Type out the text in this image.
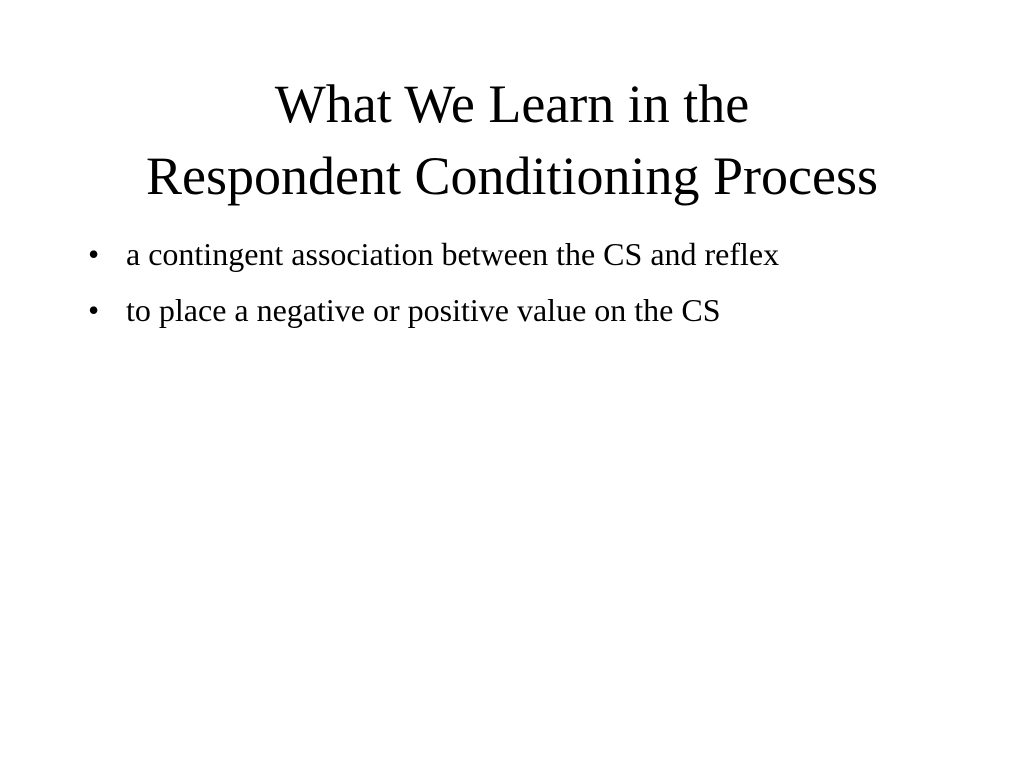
What We Learn in the
Respondent Conditioning Process
• a contingent association between the CS and reflex
• to place a negative or positive value on the CS
